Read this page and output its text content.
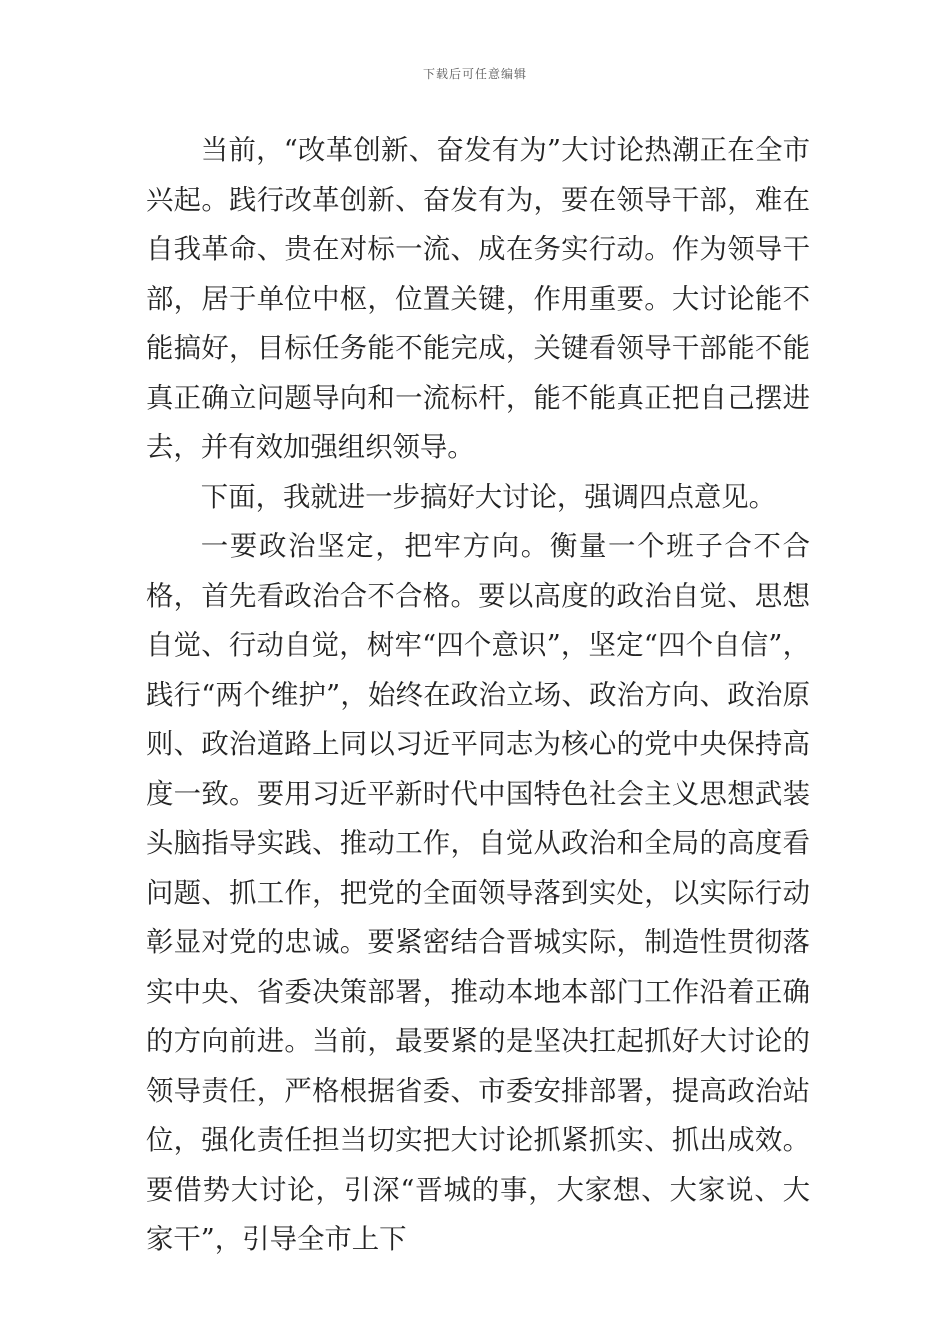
下载后可任意编辑

当前，“改革创新、奋发有为”大讨论热潮正在全市兴起。践行改革创新、奋发有为，要在领导干部，难在自我革命、贵在对标一流、成在务实行动。作为领导干部，居于单位中枢，位置关键，作用重要。大讨论能不能搞好，目标任务能不能完成，关键看领导干部能不能真正确立问题导向和一流标杆，能不能真正把自己摆进去，并有效加强组织领导。

下面，我就进一步搞好大讨论，强调四点意见。

一要政治坚定，把牢方向。衡量一个班子合不合格，首先看政治合不合格。要以高度的政治自觉、思想自觉、行动自觉，树牢“四个意识”，坚定“四个自信”，践行“两个维护”，始终在政治立场、政治方向、政治原则、政治道路上同以习近平同志为核心的党中央保持高度一致。要用习近平新时代中国特色社会主义思想武装头脑指导实践、推动工作，自觉从政治和全局的高度看问题、抓工作，把党的全面领导落到实处，以实际行动彰显对党的忠诚。要紧密结合晋城实际，制造性贯彻落实中央、省委决策部署，推动本地本部门工作沿着正确的方向前进。当前，最要紧的是坚决扛起抓好大讨论的领导责任，严格根据省委、市委安排部署，提高政治站位，强化责任担当切实把大讨论抓紧抓实、抓出成效。要借势大讨论，引深“晋城的事，大家想、大家说、大家干”，引导全市上下
